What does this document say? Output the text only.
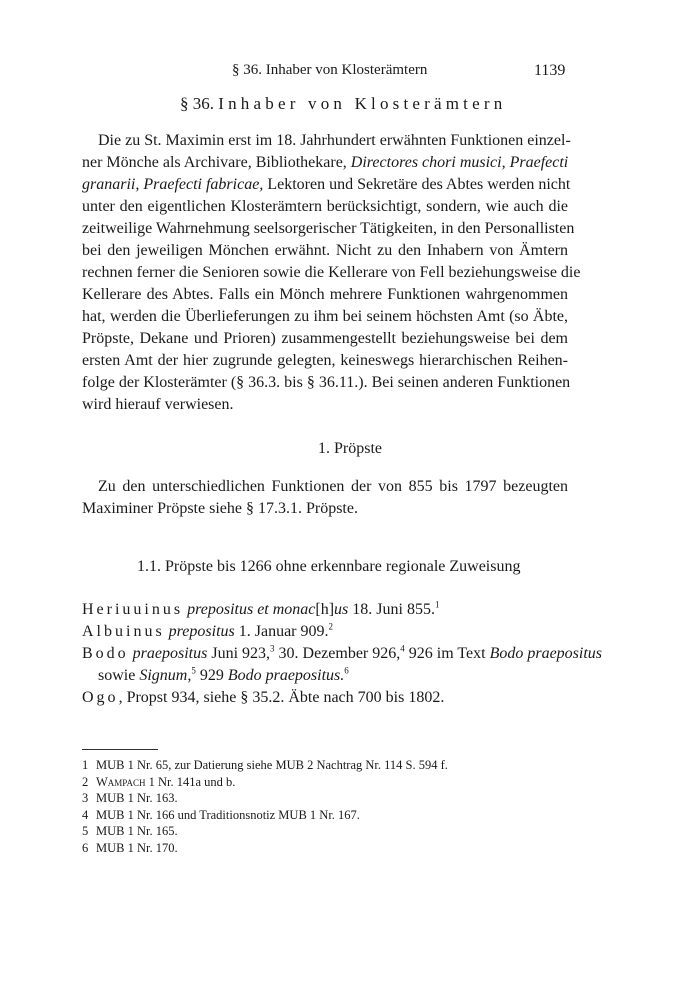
§ 36. Inhaber von Klosterämtern	1139
§ 36. Inhaber von Klosterämtern
Die zu St. Maximin erst im 18. Jahrhundert erwähnten Funktionen einzel-
ner Mönche als Archivare, Bibliothekare, Directores chori musici, Praefecti
granarii, Praefecti fabricae, Lektoren und Sekretäre des Abtes werden nicht
unter den eigentlichen Klosterämtern berücksichtigt, sondern, wie auch die
zeitweilige Wahrnehmung seelsorgerischer Tätigkeiten, in den Personallisten
bei den jeweiligen Mönchen erwähnt. Nicht zu den Inhabern von Ämtern
rechnen ferner die Senioren sowie die Kellerare von Fell beziehungsweise die
Kellerare des Abtes. Falls ein Mönch mehrere Funktionen wahrgenommen
hat, werden die Überlieferungen zu ihm bei seinem höchsten Amt (so Äbte,
Pröpste, Dekane und Prioren) zusammengestellt beziehungsweise bei dem
ersten Amt der hier zugrunde gelegten, keineswegs hierarchischen Reihen-
folge der Klosterämter (§ 36.3. bis § 36.11.). Bei seinen anderen Funktionen
wird hierauf verwiesen.
1. Pröpste
Zu den unterschiedlichen Funktionen der von 855 bis 1797 bezeugten
Maximiner Pröpste siehe § 17.3.1. Pröpste.
1.1. Pröpste bis 1266 ohne erkennbare regionale Zuweisung
Heriuuinus prepositus et monac[h]us 18. Juni 855.$^1$
Albuinus prepositus 1. Januar 909.$^2$
Bodo praepositus Juni 923,$^3$ 30. Dezember 926,$^4$ 926 im Text Bodo praepositus
sowie Signum,$^5$ 929 Bodo praepositus.$^6$
Ogo, Propst 934, siehe § 35.2. Äbte nach 700 bis 1802.
1 MUB 1 Nr. 65, zur Datierung siehe MUB 2 Nachtrag Nr. 114 S. 594 f.
2 Wampach 1 Nr. 141a und b.
3 MUB 1 Nr. 163.
4 MUB 1 Nr. 166 und Traditionsnotiz MUB 1 Nr. 167.
5 MUB 1 Nr. 165.
6 MUB 1 Nr. 170.
